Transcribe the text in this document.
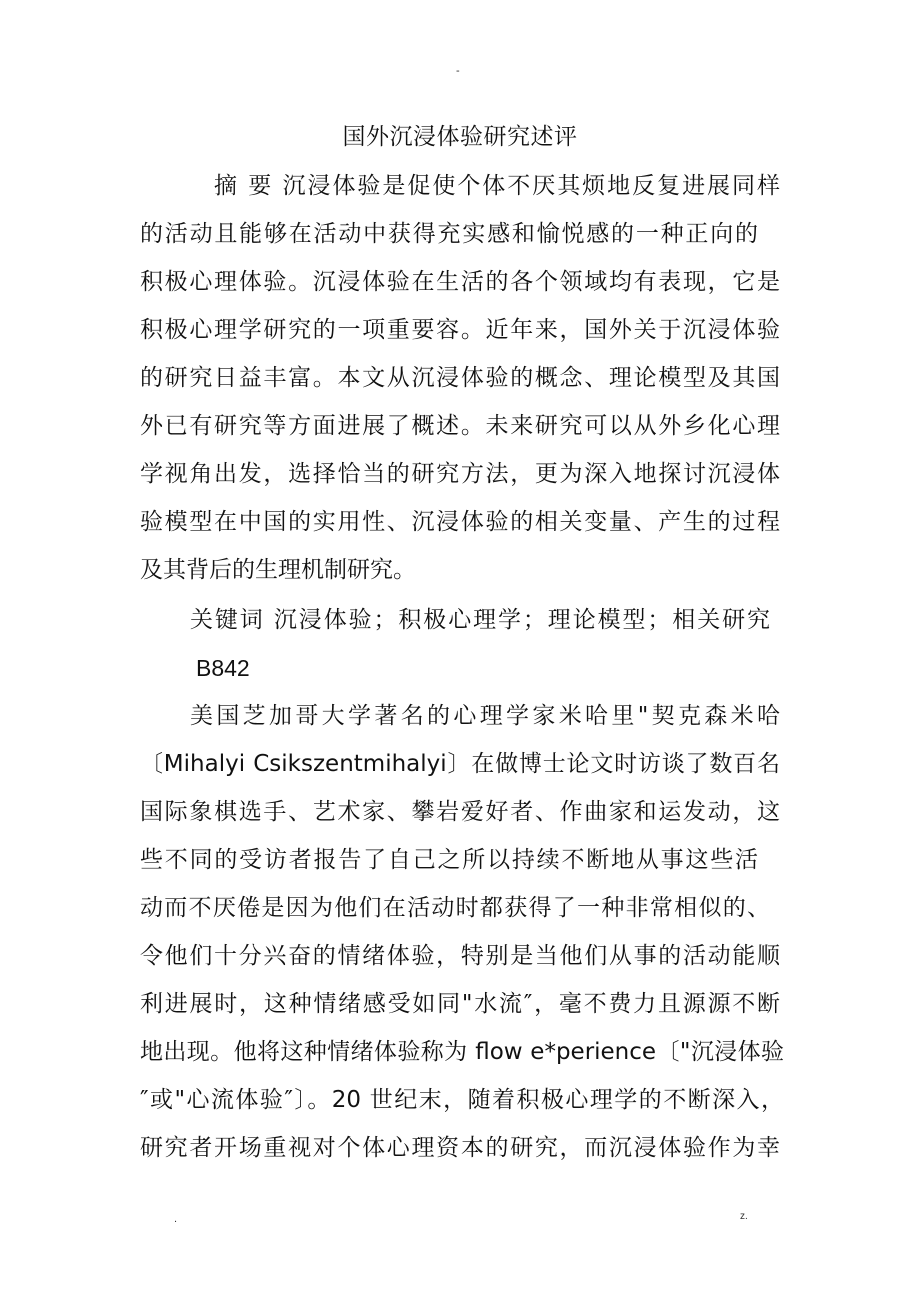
-
国外沉浸体验研究述评
摘 要 沉浸体验是促使个体不厌其烦地反复进展同样
的活动且能够在活动中获得充实感和愉悦感的一种正向的
积极心理体验。沉浸体验在生活的各个领域均有表现，它是
积极心理学研究的一项重要容。近年来，国外关于沉浸体验
的研究日益丰富。本文从沉浸体验的概念、理论模型及其国
外已有研究等方面进展了概述。未来研究可以从外乡化心理
学视角出发，选择恰当的研究方法，更为深入地探讨沉浸体
验模型在中国的实用性、沉浸体验的相关变量、产生的过程
及其背后的生理机制研究。
关键词 沉浸体验；积极心理学；理论模型；相关研究
B842
美国芝加哥大学著名的心理学家米哈里"契克森米哈
〔Mihalyi Csikszentmihalyi〕在做博士论文时访谈了数百名
国际象棋选手、艺术家、攀岩爱好者、作曲家和运发动，这
些不同的受访者报告了自己之所以持续不断地从事这些活
动而不厌倦是因为他们在活动时都获得了一种非常相似的、
令他们十分兴奋的情绪体验，特别是当他们从事的活动能顺
利进展时，这种情绪感受如同"水流″，毫不费力且源源不断
地出现。他将这种情绪体验称为 flow e*perience〔"沉浸体验
″或"心流体验″〕。20 世纪末，随着积极心理学的不断深入，
研究者开场重视对个体心理资本的研究，而沉浸体验作为幸
.	z.
